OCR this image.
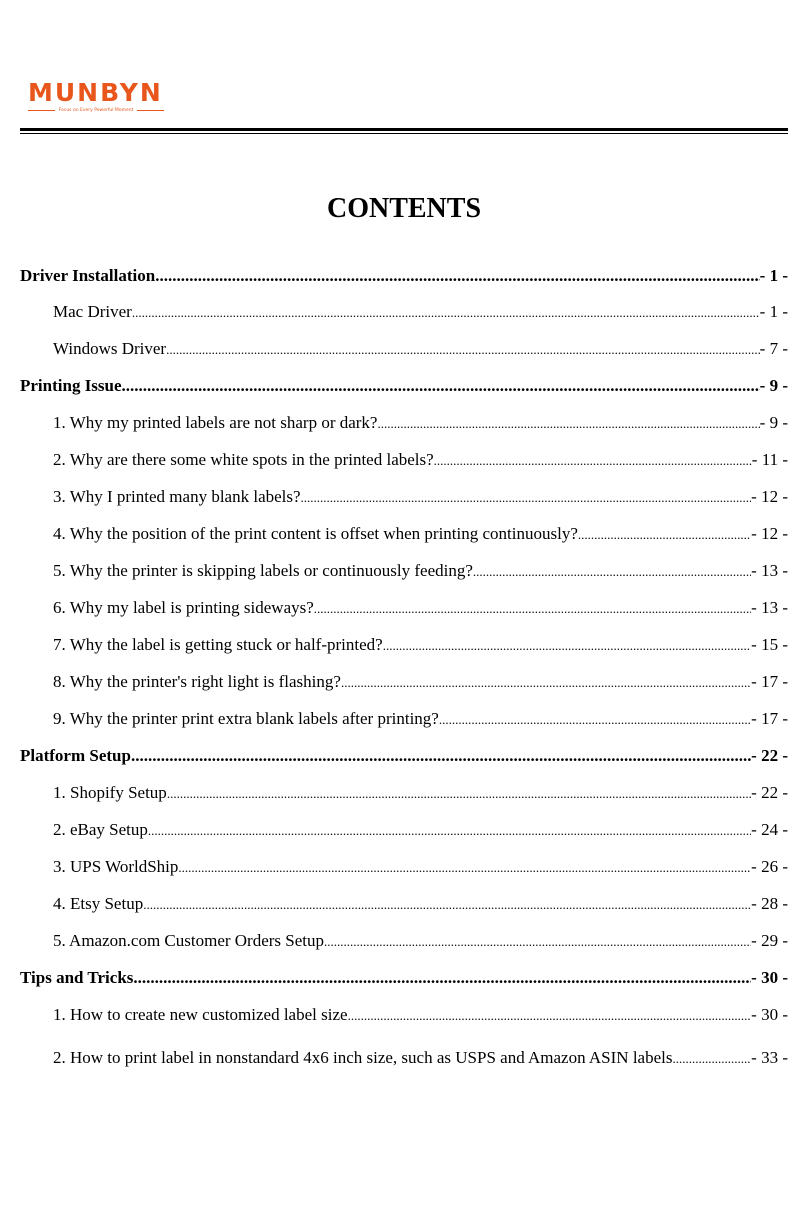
MUNBYN
Focus on Every Powerful Moment
CONTENTS
Driver Installation .....	- 1 -
Mac Driver .....	- 1 -
Windows Driver .....	- 7 -
Printing Issue .....	- 9 -
1. Why my printed labels are not sharp or dark? .....	- 9 -
2. Why are there some white spots in the printed labels? .....	- 11 -
3. Why I printed many blank labels? .....	- 12 -
4. Why the position of the print content is offset when printing continuously? .....	- 12 -
5. Why the printer is skipping labels or continuously feeding? .....	- 13 -
6. Why my label is printing sideways? .....	- 13 -
7. Why the label is getting stuck or half-printed? .....	- 15 -
8. Why the printer's right light is flashing? .....	- 17 -
9. Why the printer print extra blank labels after printing? .....	- 17 -
Platform Setup .....	- 22 -
1. Shopify Setup .....	- 22 -
2. eBay Setup .....	- 24 -
3. UPS WorldShip .....	- 26 -
4. Etsy Setup .....	- 28 -
5. Amazon.com Customer Orders Setup .....	- 29 -
Tips and Tricks .....	- 30 -
1. How to create new customized label size .....	- 30 -
2. How to print label in nonstandard 4x6 inch size, such as USPS and Amazon ASIN labels .....	- 33 -
